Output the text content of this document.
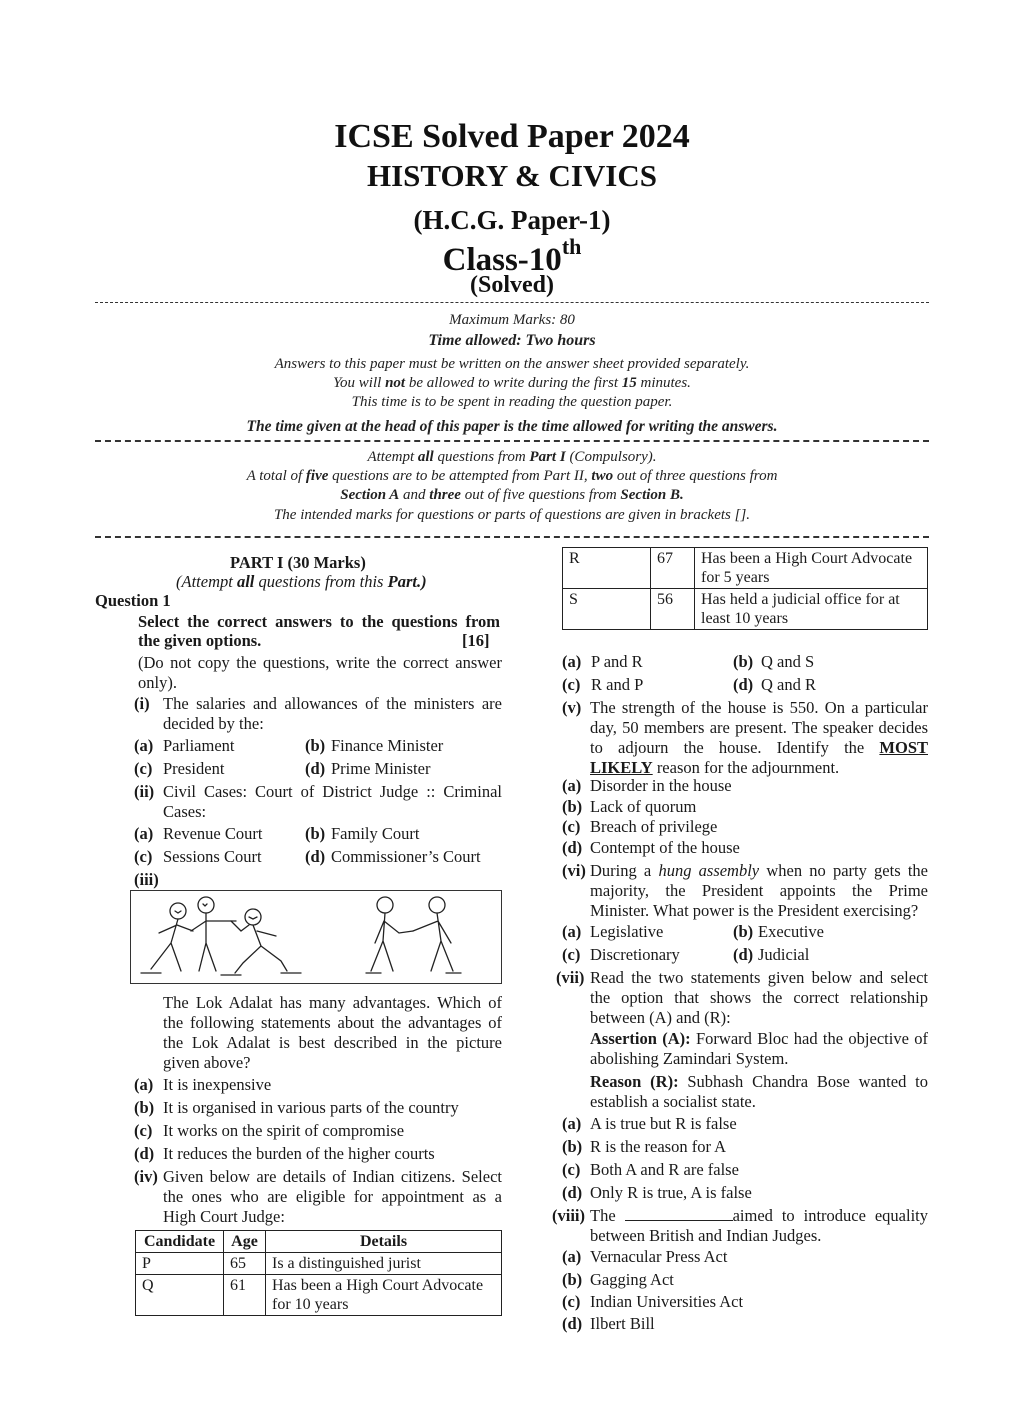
ICSE Solved Paper 2024
HISTORY & CIVICS
(H.C.G. Paper-1)
Class-10th
(Solved)
Maximum Marks: 80
Time allowed: Two hours
Answers to this paper must be written on the answer sheet provided separately.
You will not be allowed to write during the first 15 minutes.
This time is to be spent in reading the question paper.
The time given at the head of this paper is the time allowed for writing the answers.
Attempt all questions from Part I (Compulsory).
A total of five questions are to be attempted from Part II, two out of three questions from
Section A and three out of five questions from Section B.
The intended marks for questions or parts of questions are given in brackets [].
PART I (30 Marks)
(Attempt all questions from this Part.)
Question 1
Select the correct answers to the questions from
the given options.	[16]
(Do not copy the questions, write the correct answer only).
(i) The salaries and allowances of the ministers are decided by the:
(a) Parliament	(b) Finance Minister
(c) President	(d) Prime Minister
(ii) Civil Cases: Court of District Judge :: Criminal Cases:
(a) Revenue Court	(b) Family Court
(c) Sessions Court	(d) Commissioner’s Court
(iii)
The Lok Adalat has many advantages. Which of the following statements about the advantages of the Lok Adalat is best described in the picture given above?
(a) It is inexpensive
(b) It is organised in various parts of the country
(c) It works on the spirit of compromise
(d) It reduces the burden of the higher courts
(iv) Given below are details of Indian citizens. Select the ones who are eligible for appointment as a High Court Judge:
Candidate	Age	Details
P	65	Is a distinguished jurist
Q	61	Has been a High Court Advocate for 10 years
R	67	Has been a High Court Advocate for 5 years
S	56	Has held a judicial office for at least 10 years
(a) P and R	(b) Q and S
(c) R and P	(d) Q and R
(v) The strength of the house is 550. On a particular day, 50 members are present. The speaker decides to adjourn the house. Identify the MOST LIKELY reason for the adjournment.
(a) Disorder in the house
(b) Lack of quorum
(c) Breach of privilege
(d) Contempt of the house
(vi) During a hung assembly when no party gets the majority, the President appoints the Prime Minister. What power is the President exercising?
(a) Legislative	(b) Executive
(c) Discretionary	(d) Judicial
(vii) Read the two statements given below and select the option that shows the correct relationship between (A) and (R):
Assertion (A): Forward Bloc had the objective of abolishing Zamindari System.
Reason (R): Subhash Chandra Bose wanted to establish a socialist state.
(a) A is true but R is false
(b) R is the reason for A
(c) Both A and R are false
(d) Only R is true, A is false
(viii) The	aimed to introduce equality between British and Indian Judges.
(a) Vernacular Press Act
(b) Gagging Act
(c) Indian Universities Act
(d) Ilbert Bill
